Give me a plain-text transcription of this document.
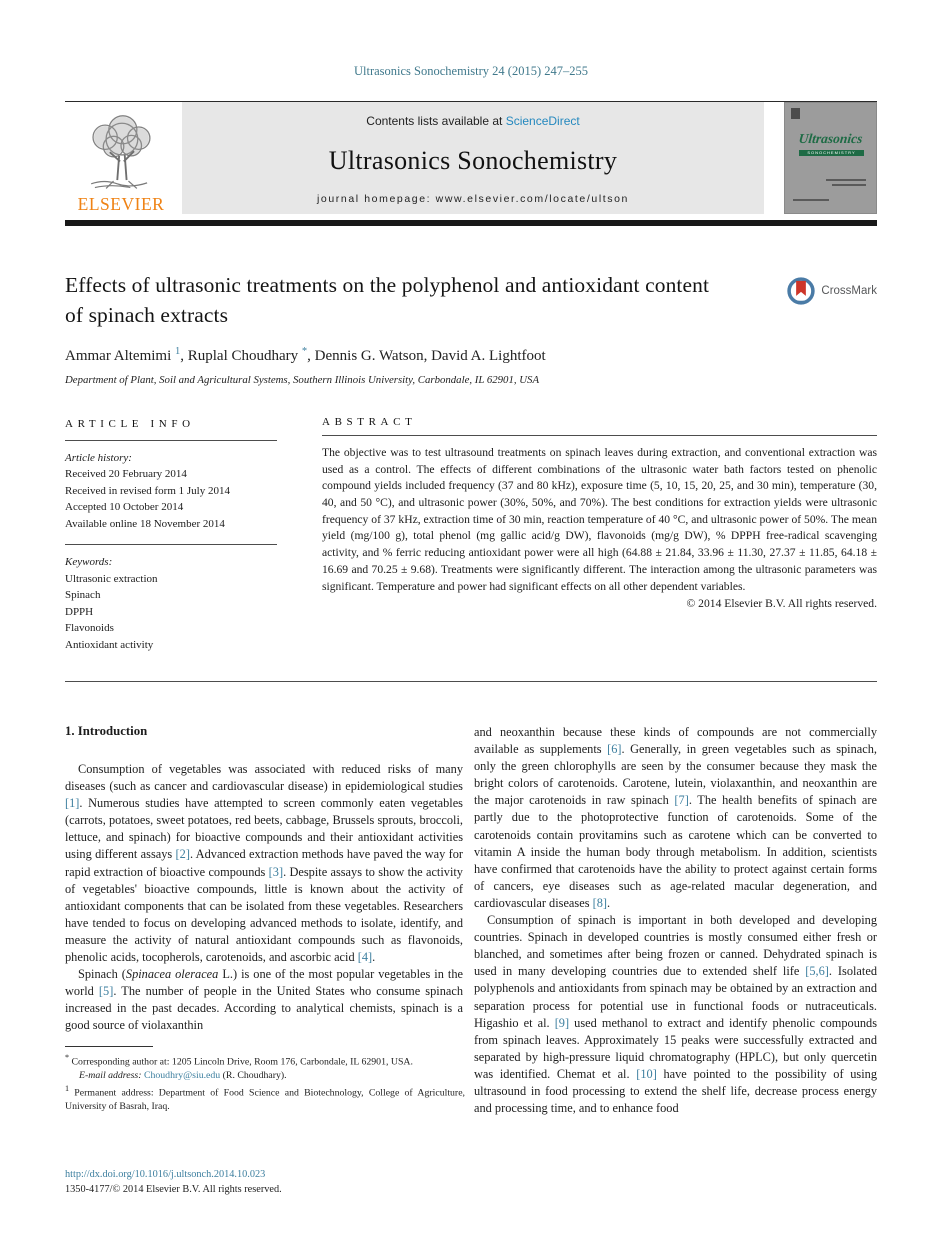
Ultrasonics Sonochemistry 24 (2015) 247–255
ELSEVIER
Contents lists available at ScienceDirect
Ultrasonics Sonochemistry
journal homepage: www.elsevier.com/locate/ultson
Ultrasonics
SONOCHEMISTRY
Effects of ultrasonic treatments on the polyphenol and antioxidant content of spinach extracts
CrossMark
Ammar Altemimi $^1$, Ruplal Choudhary *, Dennis G. Watson, David A. Lightfoot
Department of Plant, Soil and Agricultural Systems, Southern Illinois University, Carbondale, IL 62901, USA
ARTICLE INFO
Article history:
Received 20 February 2014
Received in revised form 1 July 2014
Accepted 10 October 2014
Available online 18 November 2014
Keywords:
Ultrasonic extraction
Spinach
DPPH
Flavonoids
Antioxidant activity
ABSTRACT
The objective was to test ultrasound treatments on spinach leaves during extraction, and conventional extraction was used as a control. The effects of different combinations of the ultrasonic water bath factors tested on phenolic compound yields included frequency (37 and 80 kHz), exposure time (5, 10, 15, 20, 25, and 30 min), temperature (30, 40, and 50 °C), and ultrasonic power (30%, 50%, and 70%). The best conditions for extraction yields were ultrasonic frequency of 37 kHz, extraction time of 30 min, reaction temperature of 40 °C, and ultrasonic power of 50%. The mean yield (mg/100 g), total phenol (mg gallic acid/g DW), flavonoids (mg/g DW), % DPPH free-radical scavenging activity, and % ferric reducing antioxidant power were all high (64.88 ± 21.84, 33.96 ± 11.30, 27.37 ± 11.85, 64.18 ± 16.69 and 70.25 ± 9.68). Treatments were significantly different. The interaction among the ultrasonic parameters was significant. Temperature and power had significant effects on all other dependent variables.
© 2014 Elsevier B.V. All rights reserved.
1. Introduction

Consumption of vegetables was associated with reduced risks of many diseases (such as cancer and cardiovascular disease) in epidemiological studies [1]. Numerous studies have attempted to screen commonly eaten vegetables (carrots, potatoes, sweet potatoes, red beets, cabbage, Brussels sprouts, broccoli, lettuce, and spinach) for bioactive compounds and their antioxidant activities using different assays [2]. Advanced extraction methods have paved the way for rapid extraction of bioactive compounds [3]. Despite assays to show the activity of vegetables' bioactive compounds, little is known about the activity of antioxidant components that can be isolated from these vegetables. Researchers have tended to focus on developing advanced methods to isolate, identify, and measure the activity of natural antioxidant compounds such as flavonoids, phenolic acids, tocopherols, carotenoids, and ascorbic acid [4].

Spinach (Spinacea oleracea L.) is one of the most popular vegetables in the world [5]. The number of people in the United States who consume spinach increased in the past decades. According to analytical chemists, spinach is a good source of violaxanthin

and neoxanthin because these kinds of compounds are not commercially available as supplements [6]. Generally, in green vegetables such as spinach, only the green chlorophylls are seen by the consumer because they mask the bright colors of carotenoids. Carotene, lutein, violaxanthin, and neoxanthin are the major carotenoids in raw spinach [7]. The health benefits of spinach are partly due to the photoprotective function of carotenoids. Some of the carotenoids contain provitamins such as carotene which can be converted to vitamin A inside the human body through metabolism. In addition, scientists have confirmed that carotenoids have the ability to protect against certain forms of cancers, eye diseases such as age-related macular degeneration, and cardiovascular diseases [8].

Consumption of spinach is important in both developed and developing countries. Spinach in developed countries is mostly consumed either fresh or blanched, and sometimes after being frozen or canned. Dehydrated spinach is used in many developing countries due to extended shelf life [5,6]. Isolated polyphenols and antioxidants from spinach may be obtained by an extraction and separation process for potential use in functional foods or nutraceuticals. Higashio et al. [9] used methanol to extract and identify phenolic compounds from spinach leaves. Approximately 15 peaks were successfully extracted and separated by high-pressure liquid chromatography (HPLC), but only quercetin was identified. Chemat et al. [10] have pointed to the possibility of using ultrasound in food processing to extend the shelf life, decrease process energy and processing time, and to enhance food

* Corresponding author at: 1205 Lincoln Drive, Room 176, Carbondale, IL 62901, USA.
E-mail address: Choudhry@siu.edu (R. Choudhary).
$^1$ Permanent address: Department of Food Science and Biotechnology, College of Agriculture, University of Basrah, Iraq.
http://dx.doi.org/10.1016/j.ultsonch.2014.10.023
1350-4177/© 2014 Elsevier B.V. All rights reserved.
